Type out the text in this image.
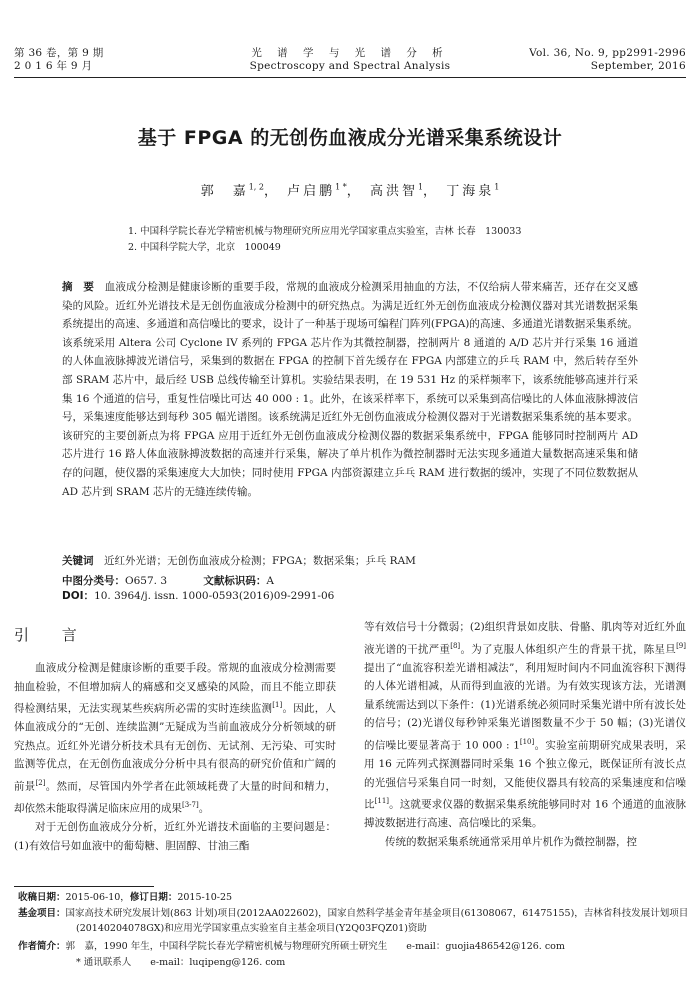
第 36 卷，第 9 期
2 0 1 6 年 9 月
光 谱 学 与 光 谱 分 析
Spectroscopy and Spectral Analysis
Vol. 36, No. 9, pp2991-2996
September, 2016
基于 FPGA 的无创伤血液成分光谱采集系统设计
郭　嘉$^{1, 2}$， 卢启鹏$^{1 *}$， 高洪智$^1$， 丁海泉$^1$
1. 中国科学院长春光学精密机械与物理研究所应用光学国家重点实验室，吉林 长春　130033
2. 中国科学院大学，北京　100049
摘　要　 血液成分检测是健康诊断的重要手段，常规的血液成分检测采用抽血的方法，不仅给病人带来痛苦，还存在交叉感染的风险。近红外光谱技术是无创伤血液成分检测中的研究热点。为满足近红外无创伤血液成分检测仪器对其光谱数据采集系统提出的高速、多通道和高信噪比的要求，设计了一种基于现场可编程门阵列(FPGA)的高速、多通道光谱数据采集系统。该系统采用 Altera 公司 Cyclone IV 系列的 FPGA 芯片作为其微控制器，控制两片 8 通道的 A/D 芯片并行采集 16 通道的人体血液脉搏波光谱信号，采集到的数据在 FPGA 的控制下首先缓存在 FPGA 内部建立的乒乓 RAM 中，然后转存至外部 SRAM 芯片中，最后经 USB 总线传输至计算机。实验结果表明，在 19 531 Hz 的采样频率下，该系统能够高速并行采集 16 个通道的信号，重复性信噪比可达 40 000 : 1。此外，在该采样率下，系统可以采集到高信噪比的人体血液脉搏波信号，采集速度能够达到每秒 305 幅光谱图。该系统满足近红外无创伤血液成分检测仪器对于光谱数据采集系统的基本要求。该研究的主要创新点为将 FPGA 应用于近红外无创伤血液成分检测仪器的数据采集系统中，FPGA 能够同时控制两片 AD 芯片进行 16 路人体血液脉搏波数据的高速并行采集，解决了单片机作为微控制器时无法实现多通道大量数据高速采集和储存的问题，使仪器的采集速度大大加快；同时使用 FPGA 内部资源建立乒乓 RAM 进行数据的缓冲，实现了不同位数数据从 AD 芯片到 SRAM 芯片的无缝连续传输。
关键词　 近红外光谱；无创伤血液成分检测；FPGA；数据采集；乒乓 RAM
中图分类号：O657. 3	文献标识码：A DOI：10. 3964/j. issn. 1000-0593(2016)09-2991-06
引 言

血液成分检测是健康诊断的重要手段。常规的血液成分检测需要抽血检验，不但增加病人的痛感和交叉感染的风险，而且不能立即获得检测结果，无法实现某些疾病所必需的实时连续监测[1]。因此，人体血液成分的“无创、连续监测”无疑成为当前血液成分分析领域的研究热点。近红外光谱分析技术具有无创伤、无试剂、无污染、可实时监测等优点，在无创伤血液成分分析中具有很高的研究价值和广阔的前景[2]。然而，尽管国内外学者在此领域耗费了大量的时间和精力，却依然未能取得满足临床应用的成果[3-7]。

对于无创伤血液成分分析，近红外光谱技术面临的主要问题是：(1)有效信号如血液中的葡萄糖、胆固醇、甘油三酯

等有效信号十分微弱；(2)组织背景如皮肤、骨骼、肌肉等对近红外血液光谱的干扰严重[8]。为了克服人体组织产生的背景干扰，陈星旦[9]提出了“血流容积差光谱相减法”，利用短时间内不同血流容积下测得的人体光谱相减，从而得到血液的光谱。为有效实现该方法，光谱测量系统需达到以下条件：(1)光谱系统必须同时采集光谱中所有波长处的信号；(2)光谱仪每秒钟采集光谱图数量不少于 50 幅；(3)光谱仪的信噪比要显著高于 10 000 : 1[10]。实验室前期研究成果表明，采用 16 元阵列式探测器同时采集 16 个独立像元，既保证所有波长点的光强信号采集自同一时刻，又能使仪器具有较高的采集速度和信噪比[11]。这就要求仪器的数据采集系统能够同时对 16 个通道的血液脉搏波数据进行高速、高信噪比的采集。

传统的数据采集系统通常采用单片机作为微控制器，控

收稿日期：2015-06-10，修订日期：2015-10-25
基金项目：国家高技术研究发展计划(863 计划)项目(2012AA022602)，国家自然科学基金青年基金项目(61308067，61475155)，吉林省科技发展计划项目(20140204078GX)和应用光学国家重点实验室自主基金项目(Y2Q03FQZ01)资助
作者简介：郭　嘉，1990 年生，中国科学院长春光学精密机械与物理研究所硕士研究生　　 e-mail：guojia486542@126. com
* 通讯联系人　　 e-mail：luqipeng@126. com
